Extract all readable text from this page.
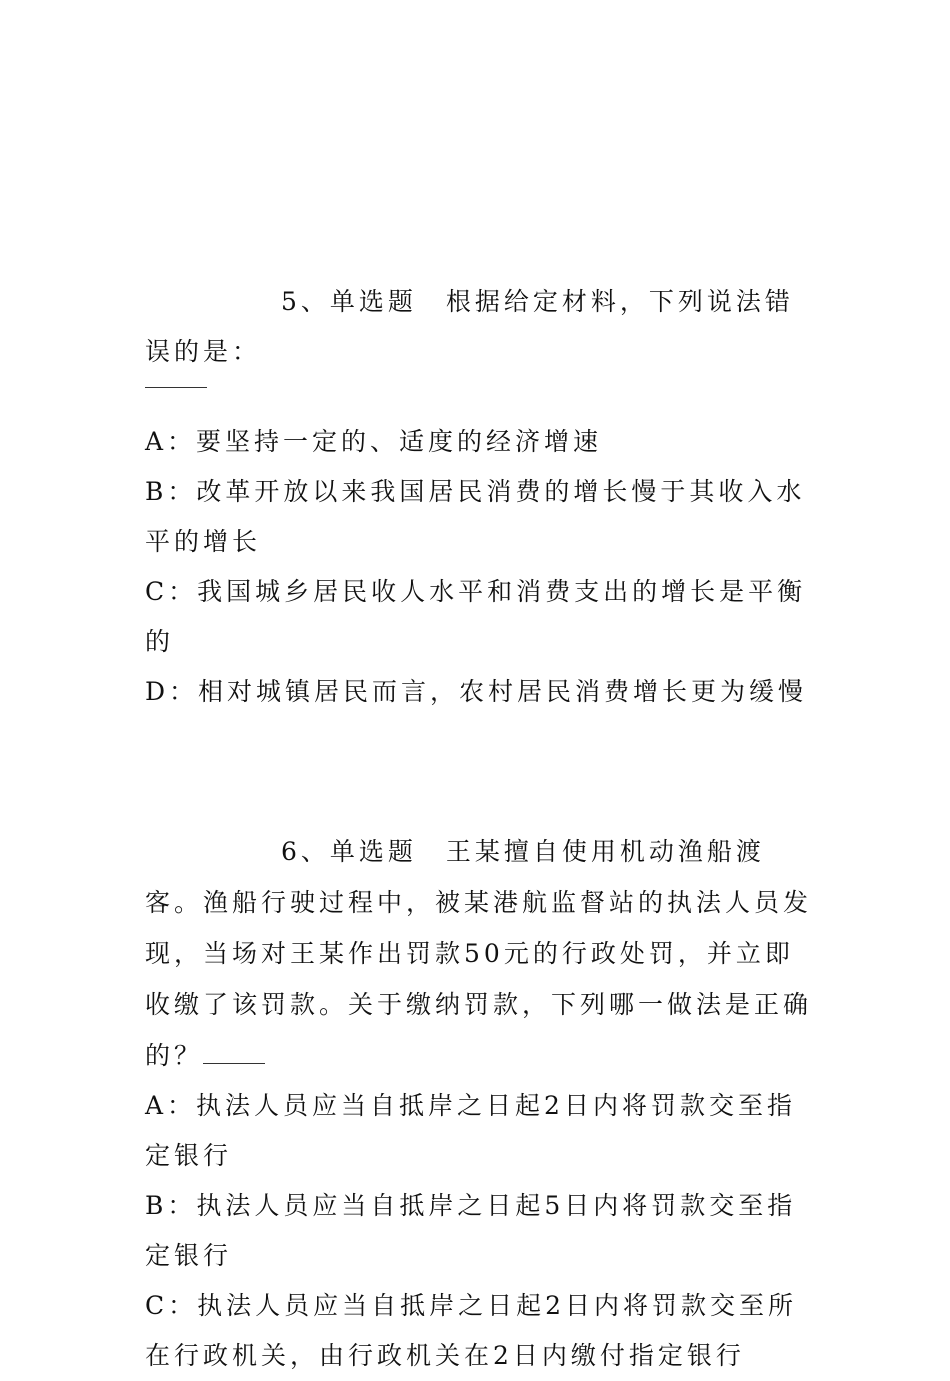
5、单选题　根据给定材料，下列说法错误的是：

A：要坚持一定的、适度的经济增速

B：改革开放以来我国居民消费的增长慢于其收入水平的增长

C：我国城乡居民收人水平和消费支出的增长是平衡的

D：相对城镇居民而言，农村居民消费增长更为缓慢

6、单选题　王某擅自使用机动渔船渡客。渔船行驶过程中，被某港航监督站的执法人员发现，当场对王某作出罚款50元的行政处罚，并立即收缴了该罚款。关于缴纳罚款，下列哪一做法是正确的？

A：执法人员应当自抵岸之日起2日内将罚款交至指定银行

B：执法人员应当自抵岸之日起5日内将罚款交至指定银行

C：执法人员应当自抵岸之日起2日内将罚款交至所在行政机关，由行政机关在2日内缴付指定银行
